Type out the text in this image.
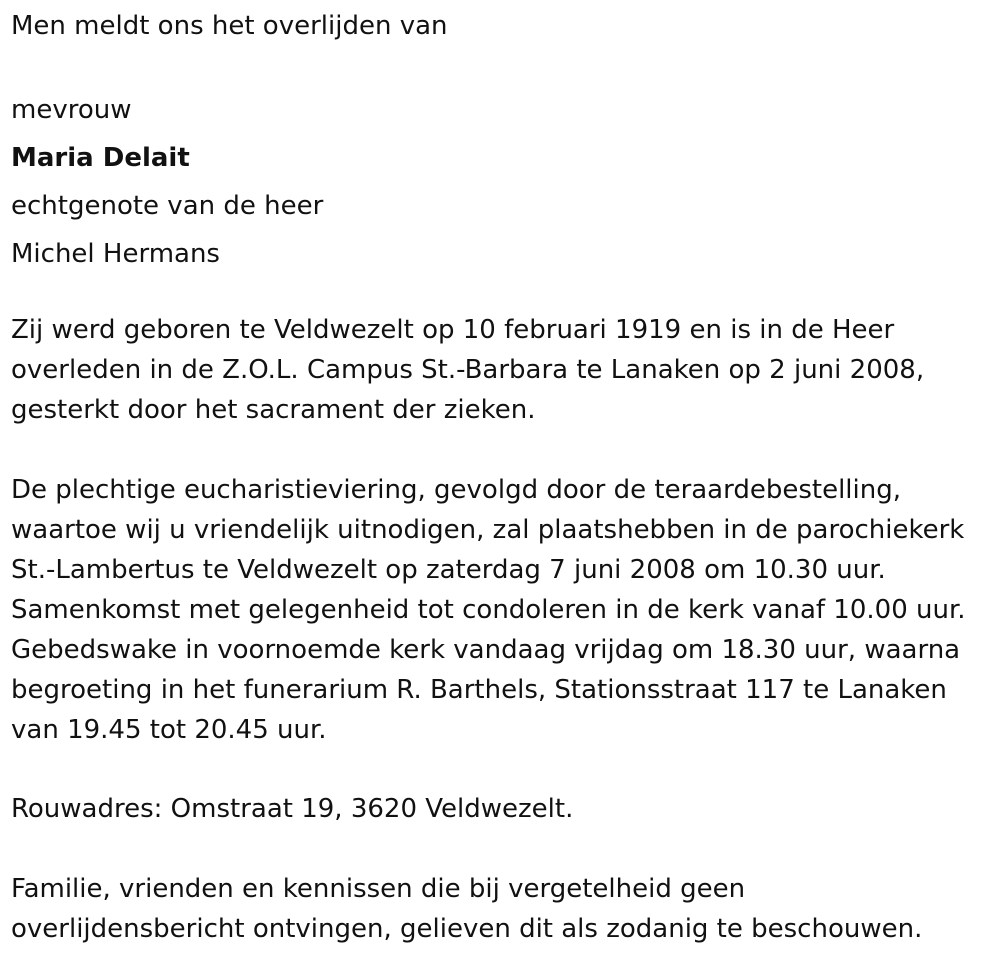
Men meldt ons het overlijden van
mevrouw
Maria Delait
echtgenote van de heer
Michel Hermans
Zij werd geboren te Veldwezelt op 10 februari 1919 en is in de Heer
overleden in de Z.O.L. Campus St.-Barbara te Lanaken op 2 juni 2008,
gesterkt door het sacrament der zieken.
De plechtige eucharistieviering, gevolgd door de teraardebestelling,
waartoe wij u vriendelijk uitnodigen, zal plaatshebben in de parochiekerk
St.-Lambertus te Veldwezelt op zaterdag 7 juni 2008 om 10.30 uur.
Samenkomst met gelegenheid tot condoleren in de kerk vanaf 10.00 uur.
Gebedswake in voornoemde kerk vandaag vrijdag om 18.30 uur, waarna
begroeting in het funerarium R. Barthels, Stationsstraat 117 te Lanaken
van 19.45 tot 20.45 uur.
Rouwadres: Omstraat 19, 3620 Veldwezelt.
Familie, vrienden en kennissen die bij vergetelheid geen
overlijdensbericht ontvingen, gelieven dit als zodanig te beschouwen.
